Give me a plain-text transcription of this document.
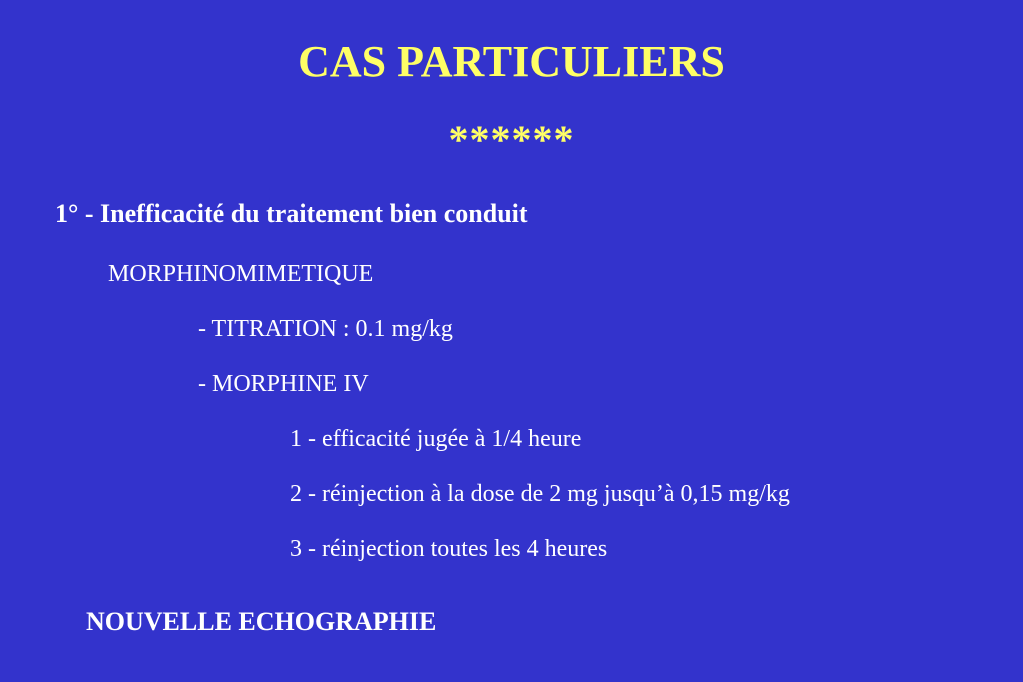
CAS PARTICULIERS
******
1° - Inefficacité du traitement bien conduit
MORPHINOMIMETIQUE
- TITRATION : 0.1 mg/kg
- MORPHINE IV
1 - efficacité jugée à 1/4 heure
2 - réinjection à la dose de 2 mg jusqu’à 0,15 mg/kg
3 - réinjection toutes les 4 heures
NOUVELLE ECHOGRAPHIE
